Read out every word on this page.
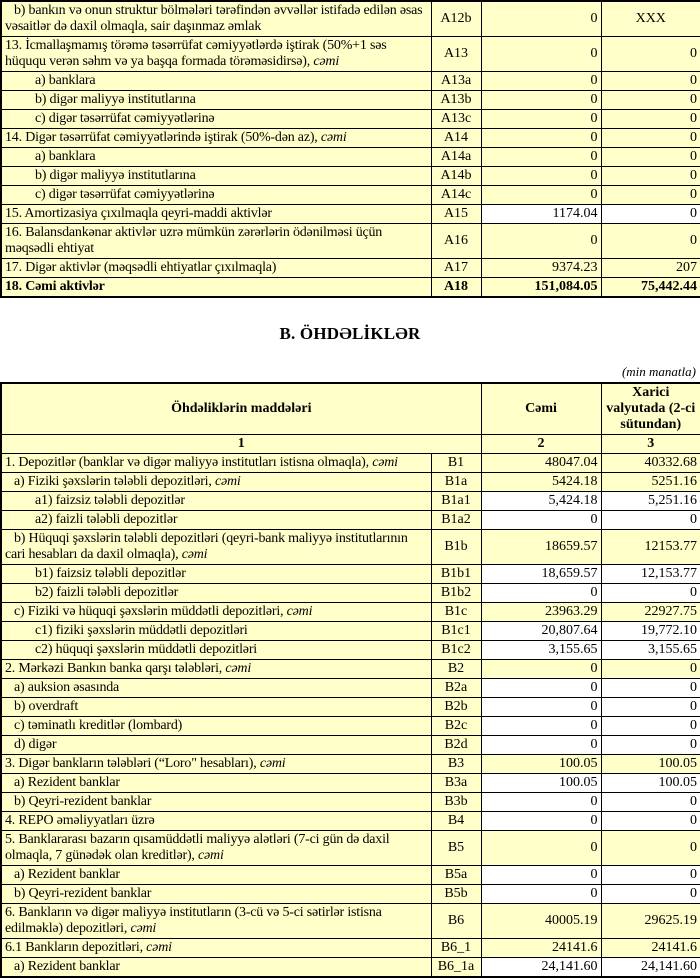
b) bankın və onun struktur bölmələri tərəfindən əvvəllər istifadə edilən əsas vəsaitlər də daxil olmaqla, sair daşınmaz əmlak	A12b	0	XXX
13. İcmallaşmamış törəmə təsərrüfat cəmiyyətlərdə iştirak (50%+1 səs hüququ verən səhm və ya başqa formada törəməsidirsə), cəmi	A13	0	0
a) banklara	A13a	0	0
b) digər maliyyə institutlarına	A13b	0	0
c) digər təsərrüfat cəmiyyətlərinə	A13c	0	0
14. Digər təsərrüfat cəmiyyətlərində iştirak (50%-dən az), cəmi	A14	0	0
a) banklara	A14a	0	0
b) digər maliyyə institutlarına	A14b	0	0
c) digər təsərrüfat cəmiyyətlərinə	A14c	0	0
15. Amortizasiya çıxılmaqla qeyri-maddi aktivlər	A15	1174.04	0
16. Balansdankənar aktivlər uzrə mümkün zərərlərin ödənilməsi üçün məqsədli ehtiyat	A16	0	0
17. Digər aktivlər (məqsədli ehtiyatlar çıxılmaqla)	A17	9374.23	207
18. Cəmi aktivlər	A18	151,084.05	75,442.44
B. ÖHDƏLİKLƏR
(min manatla)
Öhdəliklərin maddələri		Cəmi	Xarici valyutada (2-ci sütundan)
1		2	3
1. Depozitlər (banklar və digər maliyyə institutları istisna olmaqla), cəmi	B1	48047.04	40332.68
a) Fiziki şəxslərin tələbli depozitləri, cəmi	B1a	5424.18	5251.16
a1) faizsiz tələbli depozitlər	B1a1	5,424.18	5,251.16
a2) faizli tələbli depozitlər	B1a2	0	0
b) Hüquqi şəxslərin tələbli depozitləri (qeyri-bank maliyyə institutlarının cari hesabları da daxil olmaqla), cəmi	B1b	18659.57	12153.77
b1) faizsiz tələbli depozitlər	B1b1	18,659.57	12,153.77
b2) faizli tələbli depozitlər	B1b2	0	0
c) Fiziki və hüquqi şəxslərin müddətli depozitləri, cəmi	B1c	23963.29	22927.75
c1) fiziki şəxslərin müddətli depozitləri	B1c1	20,807.64	19,772.10
c2) hüquqi şəxslərin müddətli depozitləri	B1c2	3,155.65	3,155.65
2. Mərkəzi Bankın banka qarşı tələbləri, cəmi	B2	0	0
a) auksion əsasında	B2a	0	0
b) overdraft	B2b	0	0
c) təminatlı kreditlər (lombard)	B2c	0	0
d) digər	B2d	0	0
3. Digər bankların tələbləri (“Loro" hesabları), cəmi	B3	100.05	100.05
a) Rezident banklar	B3a	100.05	100.05
b) Qeyri-rezident banklar	B3b	0	0
4. REPO əməliyyatları üzrə	B4	0	0
5. Banklararası bazarın qısamüddətli maliyyə alətləri (7-ci gün də daxil olmaqla, 7 günədək olan kreditlər), cəmi	B5	0	0
a) Rezident banklar	B5a	0	0
b) Qeyri-rezident banklar	B5b	0	0
6. Bankların və digər maliyyə institutların (3-cü və 5-ci sətirlər istisna edilməklə) depozitləri, cəmi	B6	40005.19	29625.19
6.1 Bankların depozitləri, cəmi	B6_1	24141.6	24141.6
a) Rezident banklar	B6_1a	24,141.60	24,141.60
